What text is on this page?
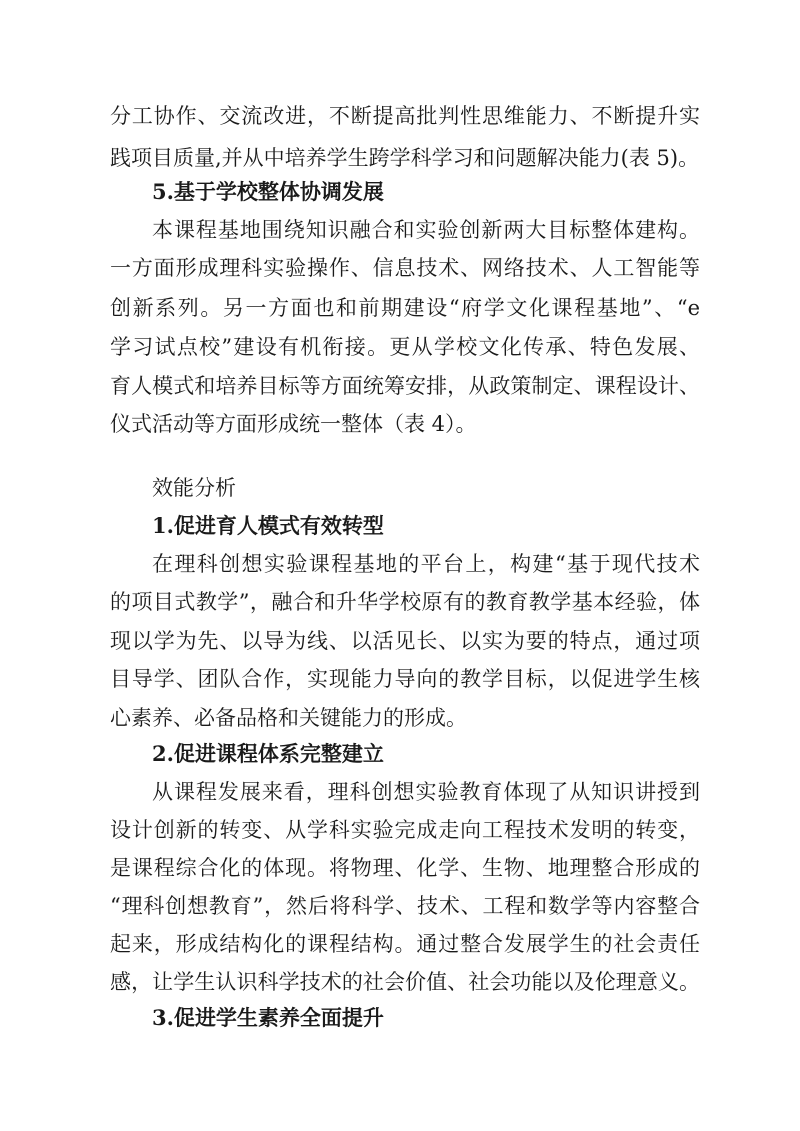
分工协作、交流改进，不断提高批判性思维能力、不断提升实
践项目质量,并从中培养学生跨学科学习和问题解决能力(表 5)。
5.基于学校整体协调发展
本课程基地围绕知识融合和实验创新两大目标整体建构。
一方面形成理科实验操作、信息技术、网络技术、人工智能等
创新系列。另一方面也和前期建设“府学文化课程基地”、“e
学习试点校”建设有机衔接。更从学校文化传承、特色发展、
育人模式和培养目标等方面统筹安排，从政策制定、课程设计、
仪式活动等方面形成统一整体（表 4）。
效能分析
1.促进育人模式有效转型
在理科创想实验课程基地的平台上，构建“基于现代技术
的项目式教学”，融合和升华学校原有的教育教学基本经验，体
现以学为先、以导为线、以活见长、以实为要的特点，通过项
目导学、团队合作，实现能力导向的教学目标，以促进学生核
心素养、必备品格和关键能力的形成。
2.促进课程体系完整建立
从课程发展来看，理科创想实验教育体现了从知识讲授到
设计创新的转变、从学科实验完成走向工程技术发明的转变，
是课程综合化的体现。将物理、化学、生物、地理整合形成的
“理科创想教育”，然后将科学、技术、工程和数学等内容整合
起来，形成结构化的课程结构。通过整合发展学生的社会责任
感，让学生认识科学技术的社会价值、社会功能以及伦理意义。
3.促进学生素养全面提升
